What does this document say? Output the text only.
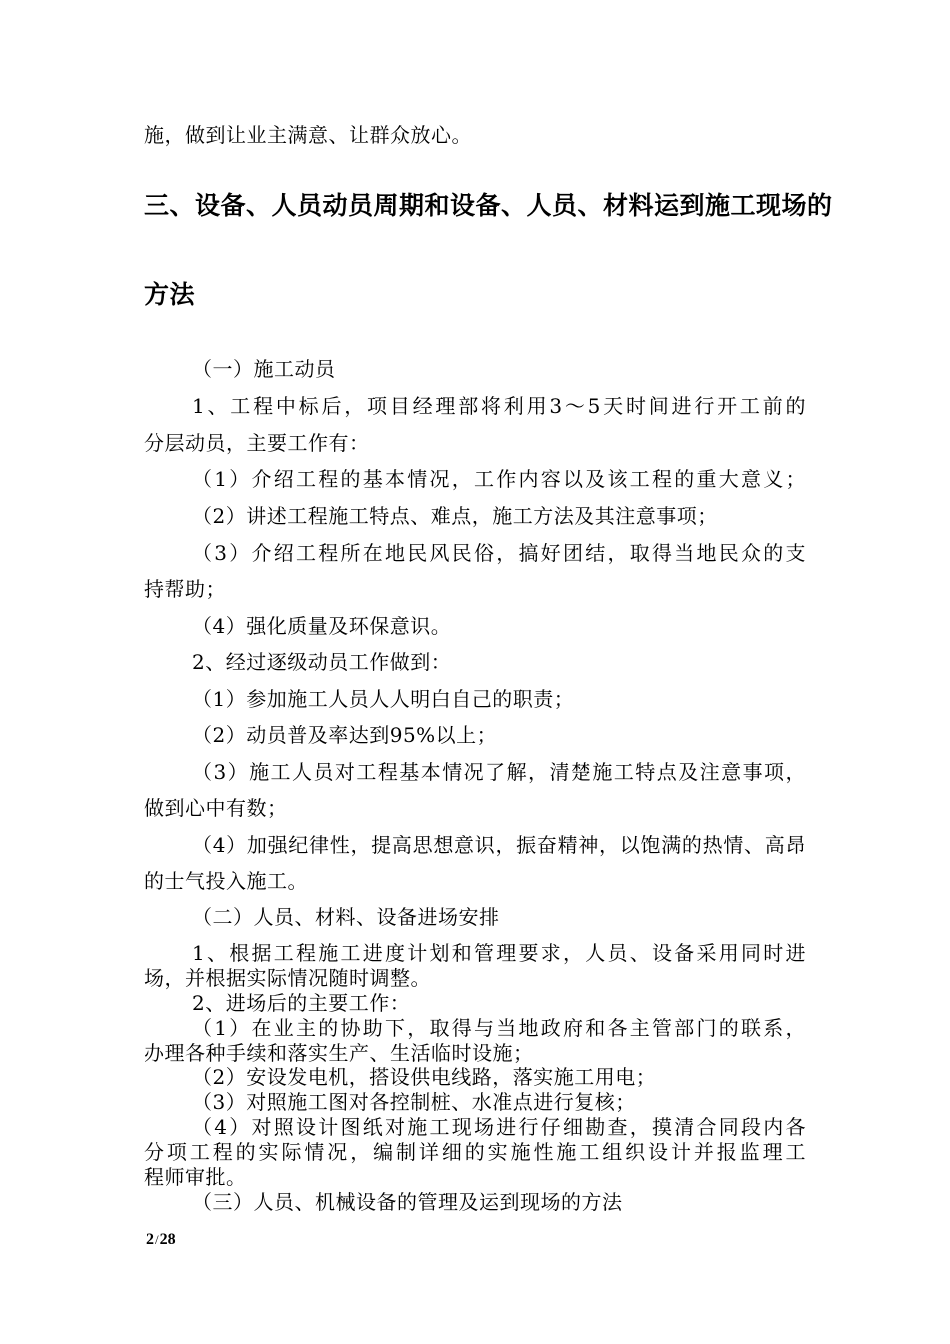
施，做到让业主满意、让群众放心。
三、设备、人员动员周期和设备、人员、材料运到施工现场的
方法
（一）施工动员
1、工程中标后，项目经理部将利用3～5天时间进行开工前的
分层动员，主要工作有：
（1）介绍工程的基本情况，工作内容以及该工程的重大意义；
（2）讲述工程施工特点、难点，施工方法及其注意事项；
（3）介绍工程所在地民风民俗，搞好团结，取得当地民众的支
持帮助；
（4）强化质量及环保意识。
2、经过逐级动员工作做到：
（1）参加施工人员人人明白自己的职责；
（2）动员普及率达到95%以上；
（3）施工人员对工程基本情况了解，清楚施工特点及注意事项，
做到心中有数；
（4）加强纪律性，提高思想意识，振奋精神，以饱满的热情、高昂
的士气投入施工。
（二）人员、材料、设备进场安排
1、根据工程施工进度计划和管理要求，人员、设备采用同时进
场，并根据实际情况随时调整。
2、进场后的主要工作：
（1）在业主的协助下，取得与当地政府和各主管部门的联系，
办理各种手续和落实生产、生活临时设施；
（2）安设发电机，搭设供电线路，落实施工用电；
（3）对照施工图对各控制桩、水准点进行复核；
（4）对照设计图纸对施工现场进行仔细勘查，摸清合同段内各
分项工程的实际情况，编制详细的实施性施工组织设计并报监理工
程师审批。
（三）人员、机械设备的管理及运到现场的方法
2/28
